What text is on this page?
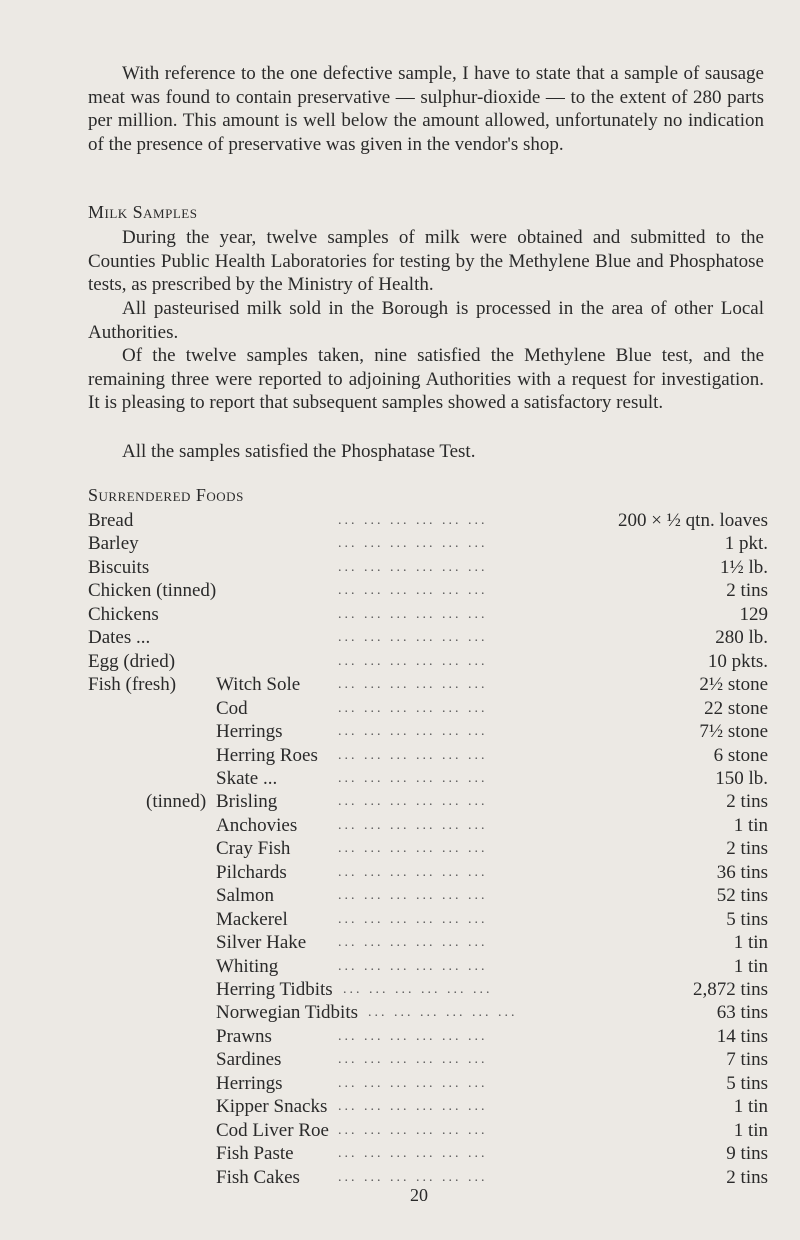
With reference to the one defective sample, I have to state that a sample of sausage meat was found to contain preservative — sulphur-dioxide — to the extent of 280 parts per million. This amount is well below the amount allowed, unfortunately no indication of the presence of preservative was given in the vendor's shop.

Milk Samples

During the year, twelve samples of milk were obtained and submitted to the Counties Public Health Laboratories for testing by the Methylene Blue and Phosphatose tests, as prescribed by the Ministry of Health.

All pasteurised milk sold in the Borough is processed in the area of other Local Authorities.

Of the twelve samples taken, nine satisfied the Methylene Blue test, and the remaining three were reported to adjoining Authorities with a request for investigation. It is pleasing to report that subsequent samples showed a satisfactory result.

All the samples satisfied the Phosphatase Test.

Surrendered Foods
Bread	... ... ... ... ... ...	200 × ½ qtn. loaves
Barley	... ... ... ... ... ...	1 pkt.
Biscuits	... ... ... ... ... ...	1½ lb.
Chicken (tinned)	... ... ... ... ... ...	2 tins
Chickens	... ... ... ... ... ...	129
Dates ...	... ... ... ... ... ...	280 lb.
Egg (dried)	... ... ... ... ... ...	10 pkts.
Fish (fresh) Witch Sole	... ... ... ... ... ...	2½ stone
Cod	... ... ... ... ... ...	22 stone
Herrings	... ... ... ... ... ...	7½ stone
Herring Roes ... ... ... ... ... ...	6 stone
Skate ...	... ... ... ... ... ...	150 lb.
(tinned) Brisling	... ... ... ... ... ...	2 tins
Anchovies	... ... ... ... ... ...	1 tin
Cray Fish	... ... ... ... ... ...	2 tins
Pilchards	... ... ... ... ... ...	36 tins
Salmon	... ... ... ... ... ...	52 tins
Mackerel	... ... ... ... ... ...	5 tins
Silver Hake ... ... ... ... ... ...	1 tin
Whiting	... ... ... ... ... ...	1 tin
Herring Tidbits ... ... ... ... ... ...	2,872 tins
Norwegian Tidbits ... ... ... ... ... ...	63 tins
Prawns	... ... ... ... ... ...	14 tins
Sardines	... ... ... ... ... ...	7 tins
Herrings	... ... ... ... ... ...	5 tins
Kipper Snacks ... ... ... ... ... ...	1 tin
Cod Liver Roe ... ... ... ... ... ...	1 tin
Fish Paste	... ... ... ... ... ...	9 tins
Fish Cakes	... ... ... ... ... ...	2 tins
20
